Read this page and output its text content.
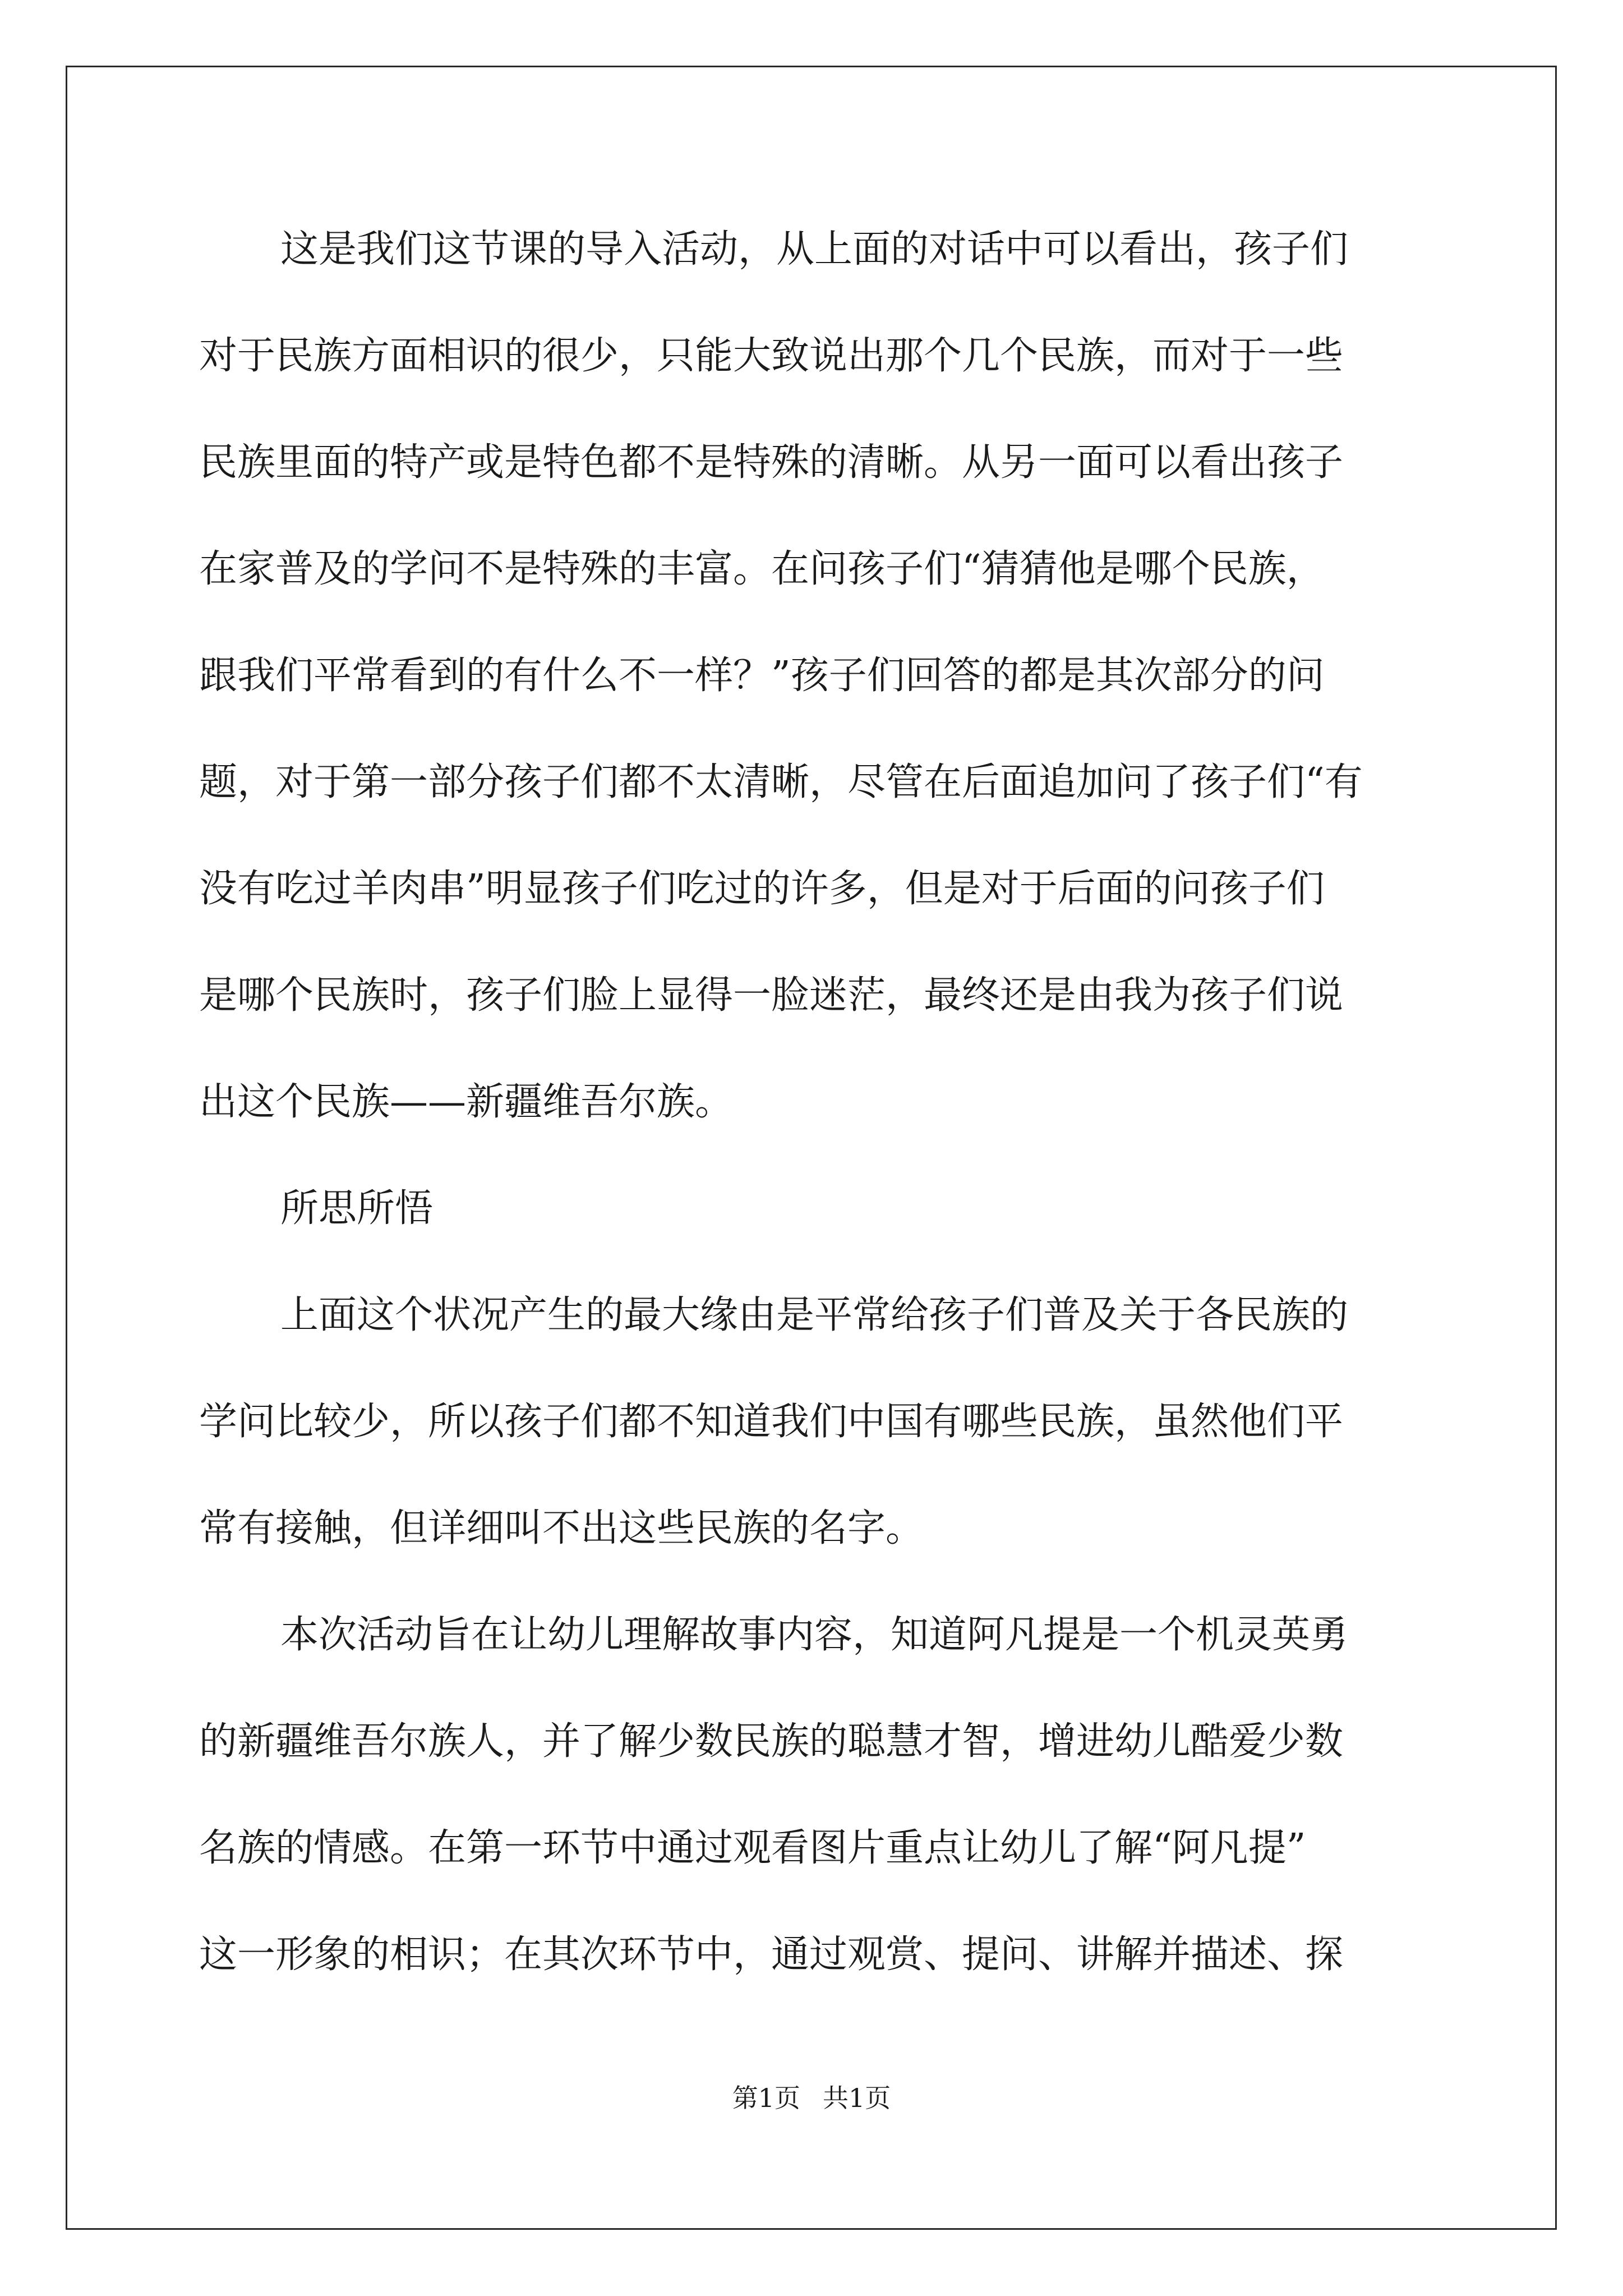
这是我们这节课的导入活动，从上面的对话中可以看出，孩子们
对于民族方面相识的很少，只能大致说出那个几个民族，而对于一些
民族里面的特产或是特色都不是特殊的清晰。从另一面可以看出孩子
在家普及的学问不是特殊的丰富。在问孩子们“猜猜他是哪个民族，
跟我们平常看到的有什么不一样？”孩子们回答的都是其次部分的问
题，对于第一部分孩子们都不太清晰，尽管在后面追加问了孩子们“有
没有吃过羊肉串”明显孩子们吃过的许多，但是对于后面的问孩子们
是哪个民族时，孩子们脸上显得一脸迷茫，最终还是由我为孩子们说
出这个民族——新疆维吾尔族。
所思所悟
上面这个状况产生的最大缘由是平常给孩子们普及关于各民族的
学问比较少，所以孩子们都不知道我们中国有哪些民族，虽然他们平
常有接触，但详细叫不出这些民族的名字。
本次活动旨在让幼儿理解故事内容，知道阿凡提是一个机灵英勇
的新疆维吾尔族人，并了解少数民族的聪慧才智，增进幼儿酷爱少数
名族的情感。在第一环节中通过观看图片重点让幼儿了解“阿凡提”
这一形象的相识；在其次环节中，通过观赏、提问、讲解并描述、探
第1页 共1页
